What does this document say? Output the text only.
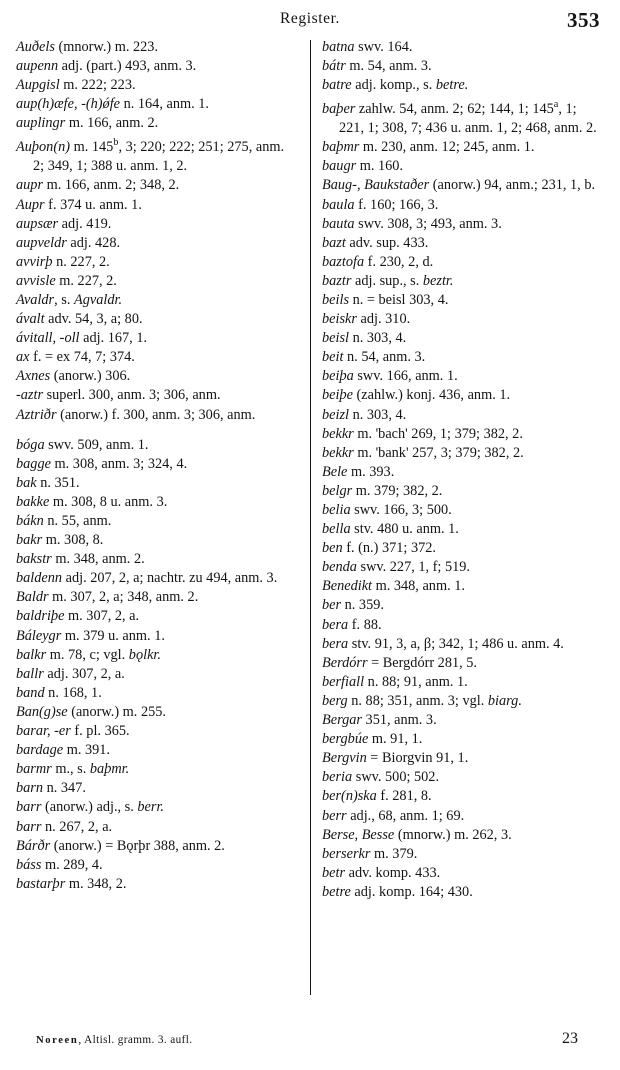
Register.	353

Auðels (mnorw.) m. 223.

aupenn adj. (part.) 493, anm. 3.

Aupgisl m. 222; 223.

aup(h)æfe, -(h)ǿfe n. 164, anm. 1.

auplingr m. 166, anm. 2.

Auþon(n) m. 145$^b$, 3; 220; 222; 251; 275, anm. 2; 349, 1; 388 u. anm. 1, 2.

aupr m. 166, anm. 2; 348, 2.

Aupr f. 374 u. anm. 1.

aupsær adj. 419.

aupveldr adj. 428.

avvirþ n. 227, 2.

avvisle m. 227, 2.

Avaldr, s. Agvaldr.

ávalt adv. 54, 3, a; 80.

ávitall, -oll adj. 167, 1.

ax f. = ex 74, 7; 374.

Axnes (anorw.) 306.

-aztr superl. 300, anm. 3; 306, anm.

Aztriðr (anorw.) f. 300, anm. 3; 306, anm.

bóga swv. 509, anm. 1.

bagge m. 308, anm. 3; 324, 4.

bak n. 351.

bakke m. 308, 8 u. anm. 3.

bákn n. 55, anm.

bakr m. 308, 8.

bakstr m. 348, anm. 2.

baldenn adj. 207, 2, a; nachtr. zu 494, anm. 3.

Baldr m. 307, 2, a; 348, anm. 2.

baldriþe m. 307, 2, a.

Báleygr m. 379 u. anm. 1.

balkr m. 78, c; vgl. bǫlkr.

ballr adj. 307, 2, a.

band n. 168, 1.

Ban(g)se (anorw.) m. 255.

barar, -er f. pl. 365.

bardage m. 391.

barmr m., s. baþmr.

barn n. 347.

barr (anorw.) adj., s. berr.

barr n. 267, 2, a.

Bárðr (anorw.) = Bǫrþr 388, anm. 2.

báss m. 289, 4.

bastarþr m. 348, 2.

batna swv. 164.

bátr m. 54, anm. 3.

batre adj. komp., s. betre.

baþer zahlw. 54, anm. 2; 62; 144, 1; 145$^a$, 1; 221, 1; 308, 7; 436 u. anm. 1, 2; 468, anm. 2.

baþmr m. 230, anm. 12; 245, anm. 1.

baugr m. 160.

Baug-, Baukstaðer (anorw.) 94, anm.; 231, 1, b.

baula f. 160; 166, 3.

bauta swv. 308, 3; 493, anm. 3.

bazt adv. sup. 433.

baztofa f. 230, 2, d.

baztr adj. sup., s. beztr.

beils n. = beisl 303, 4.

beiskr adj. 310.

beisl n. 303, 4.

beit n. 54, anm. 3.

beiþa swv. 166, anm. 1.

beiþe (zahlw.) konj. 436, anm. 1.

beizl n. 303, 4.

bekkr m. 'bach' 269, 1; 379; 382, 2.

bekkr m. 'bank' 257, 3; 379; 382, 2.

Bele m. 393.

belgr m. 379; 382, 2.

belia swv. 166, 3; 500.

bella stv. 480 u. anm. 1.

ben f. (n.) 371; 372.

benda swv. 227, 1, f; 519.

Benedikt m. 348, anm. 1.

ber n. 359.

bera f. 88.

bera stv. 91, 3, a, β; 342, 1; 486 u. anm. 4.

Berdórr = Bergdórr 281, 5.

berfiall n. 88; 91, anm. 1.

berg n. 88; 351, anm. 3; vgl. biarg.

Bergar 351, anm. 3.

bergbúe m. 91, 1.

Bergvin = Biorgvin 91, 1.

beria swv. 500; 502.

ber(n)ska f. 281, 8.

berr adj., 68, anm. 1; 69.

Berse, Besse (mnorw.) m. 262, 3.

berserkr m. 379.

betr adv. komp. 433.

betre adj. komp. 164; 430.

Noreen, Altisl. gramm. 3. aufl.	23
